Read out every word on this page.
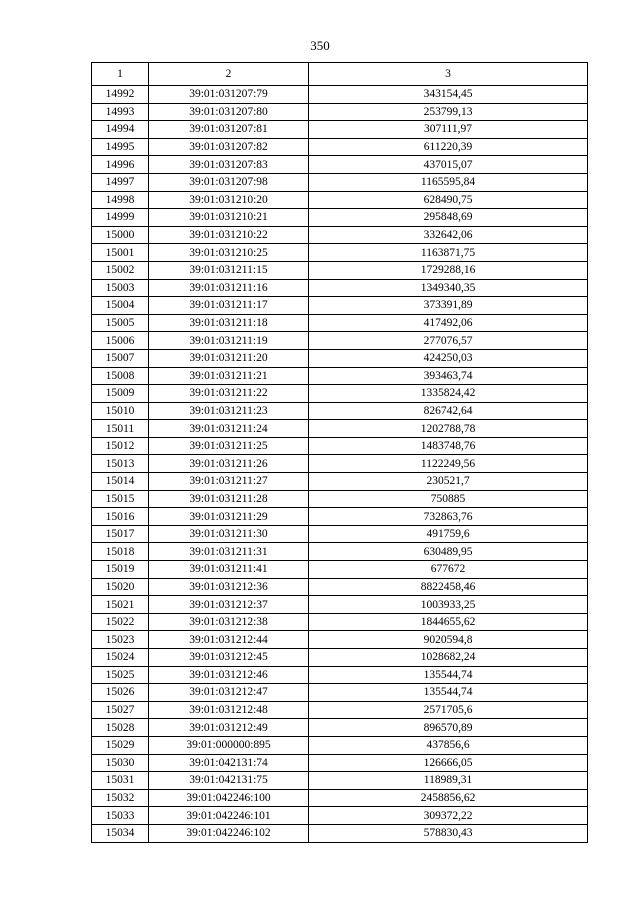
350
1	2	3
14992	39:01:031207:79	343154,45
14993	39:01:031207:80	253799,13
14994	39:01:031207:81	307111,97
14995	39:01:031207:82	611220,39
14996	39:01:031207:83	437015,07
14997	39:01:031207:98	1165595,84
14998	39:01:031210:20	628490,75
14999	39:01:031210:21	295848,69
15000	39:01:031210:22	332642,06
15001	39:01:031210:25	1163871,75
15002	39:01:031211:15	1729288,16
15003	39:01:031211:16	1349340,35
15004	39:01:031211:17	373391,89
15005	39:01:031211:18	417492,06
15006	39:01:031211:19	277076,57
15007	39:01:031211:20	424250,03
15008	39:01:031211:21	393463,74
15009	39:01:031211:22	1335824,42
15010	39:01:031211:23	826742,64
15011	39:01:031211:24	1202788,78
15012	39:01:031211:25	1483748,76
15013	39:01:031211:26	1122249,56
15014	39:01:031211:27	230521,7
15015	39:01:031211:28	750885
15016	39:01:031211:29	732863,76
15017	39:01:031211:30	491759,6
15018	39:01:031211:31	630489,95
15019	39:01:031211:41	677672
15020	39:01:031212:36	8822458,46
15021	39:01:031212:37	1003933,25
15022	39:01:031212:38	1844655,62
15023	39:01:031212:44	9020594,8
15024	39:01:031212:45	1028682,24
15025	39:01:031212:46	135544,74
15026	39:01:031212:47	135544,74
15027	39:01:031212:48	2571705,6
15028	39:01:031212:49	896570,89
15029	39:01:000000:895	437856,6
15030	39:01:042131:74	126666,05
15031	39:01:042131:75	118989,31
15032	39:01:042246:100	2458856,62
15033	39:01:042246:101	309372,22
15034	39:01:042246:102	578830,43
